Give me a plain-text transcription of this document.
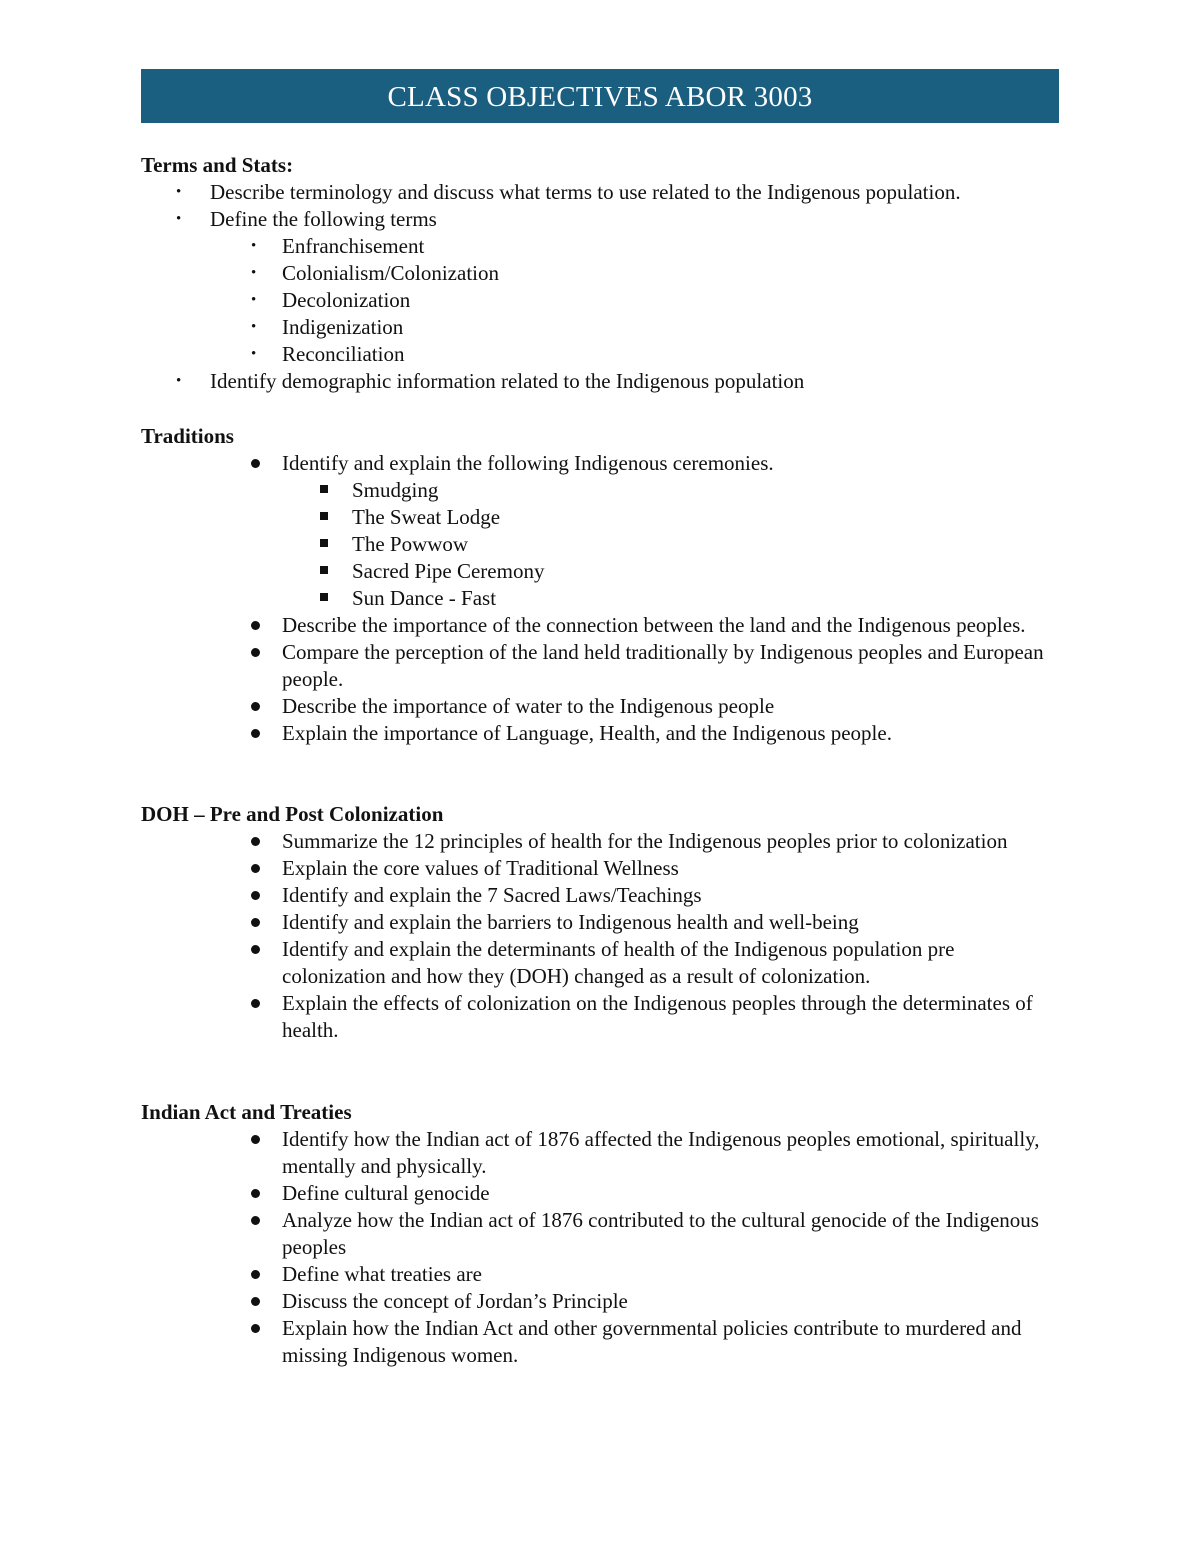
CLASS OBJECTIVES ABOR 3003
Terms and Stats:
• Describe terminology and discuss what terms to use related to the Indigenous population.
• Define the following terms
• Enfranchisement
• Colonialism/Colonization
• Decolonization
• Indigenization
• Reconciliation
• Identify demographic information related to the Indigenous population
Traditions
Identify and explain the following Indigenous ceremonies.
Smudging
The Sweat Lodge
The Powwow
Sacred Pipe Ceremony
Sun Dance - Fast
Describe the importance of the connection between the land and the Indigenous peoples.
Compare the perception of the land held traditionally by Indigenous peoples and European people.
Describe the importance of water to the Indigenous people
Explain the importance of Language, Health, and the Indigenous people.
DOH – Pre and Post Colonization
Summarize the 12 principles of health for the Indigenous peoples prior to colonization
Explain the core values of Traditional Wellness
Identify and explain the 7 Sacred Laws/Teachings
Identify and explain the barriers to Indigenous health and well-being
Identify and explain the determinants of health of the Indigenous population pre colonization and how they (DOH) changed as a result of colonization.
Explain the effects of colonization on the Indigenous peoples through the determinates of health.
Indian Act and Treaties
Identify how the Indian act of 1876 affected the Indigenous peoples emotional, spiritually, mentally and physically.
Define cultural genocide
Analyze how the Indian act of 1876 contributed to the cultural genocide of the Indigenous peoples
Define what treaties are
Discuss the concept of Jordan’s Principle
Explain how the Indian Act and other governmental policies contribute to murdered and missing Indigenous women.
